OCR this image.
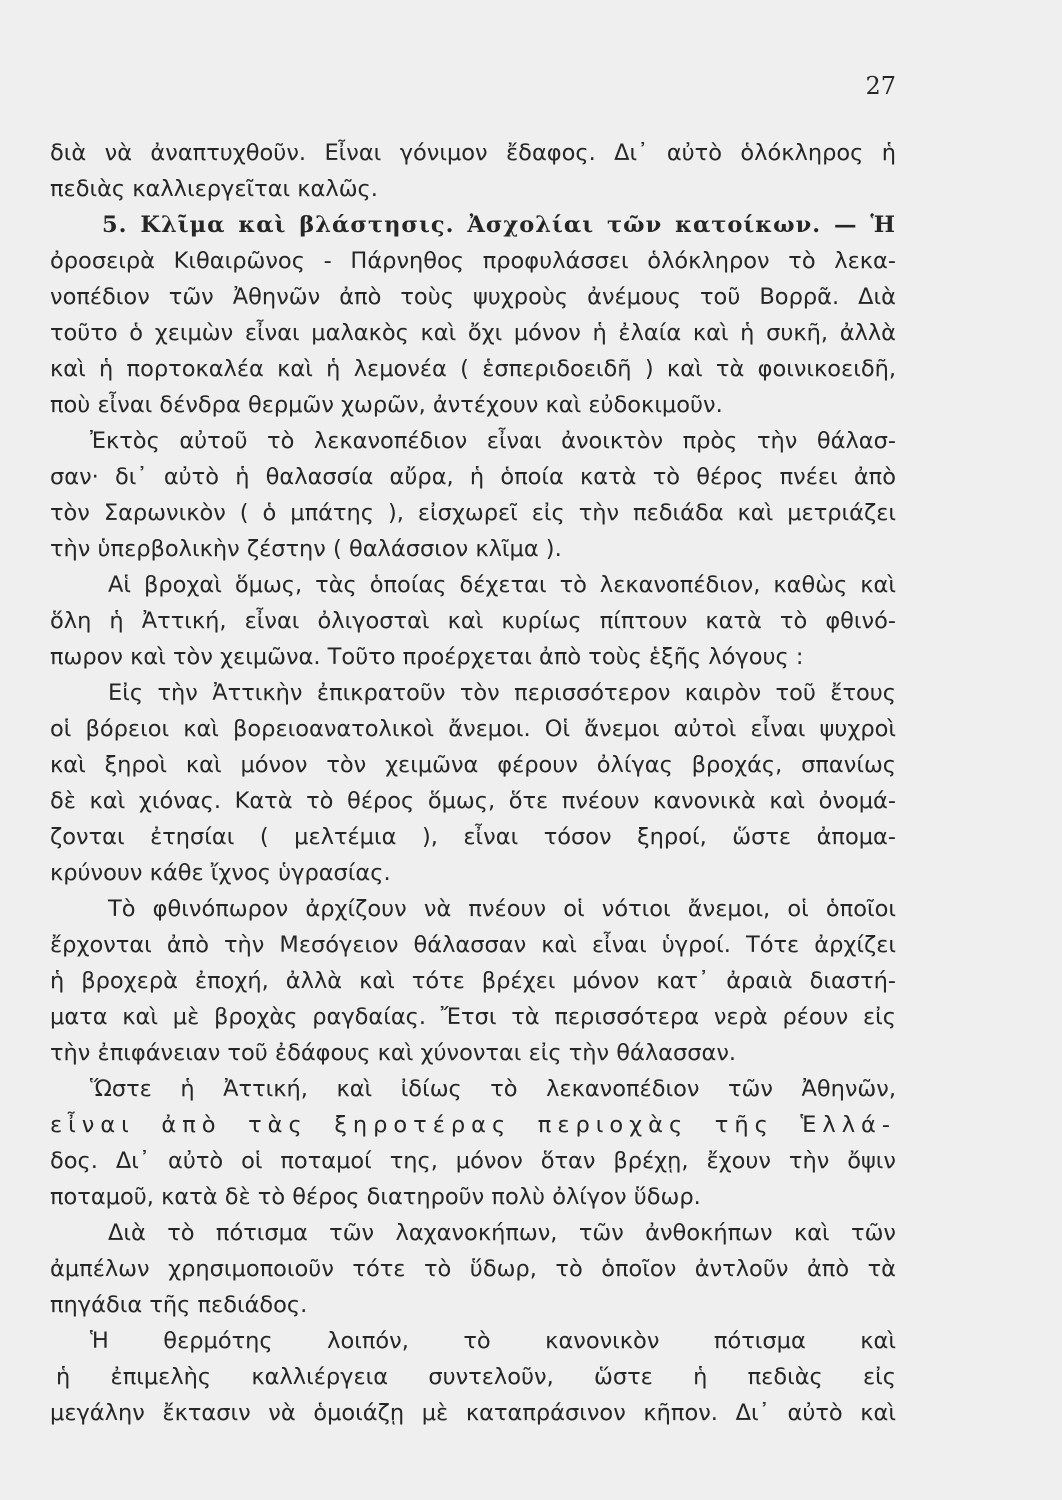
27
διὰ νὰ ἀναπτυχθοῦν. Εἶναι γόνιμον ἔδαφος. Δι᾽ αὐτὸ ὁλόκληρος ἡ
πεδιὰς καλλιεργεῖται καλῶς.
5. Κλῖμα καὶ βλάστησις. Ἀσχολίαι τῶν κατοίκων. — Ἡ
ὀροσειρὰ Κιθαιρῶνος - Πάρνηθος προφυλάσσει ὁλόκληρον τὸ λεκα-
νοπέδιον τῶν Ἀθηνῶν ἀπὸ τοὺς ψυχροὺς ἀνέμους τοῦ Βορρᾶ. Διὰ
τοῦτο ὁ χειμὼν εἶναι μαλακὸς καὶ ὄχι μόνον ἡ ἐλαία καὶ ἡ συκῆ, ἀλλὰ
καὶ ἡ πορτοκαλέα καὶ ἡ λεμονέα ( ἑσπεριδοειδῆ ) καὶ τὰ φοινικοειδῆ,
ποὺ εἶναι δένδρα θερμῶν χωρῶν, ἀντέχουν καὶ εὐδοκιμοῦν.
Ἐκτὸς αὐτοῦ τὸ λεκανοπέδιον εἶναι ἀνοικτὸν πρὸς τὴν θάλασ-
σαν· δι᾽ αὐτὸ ἡ θαλασσία αὔρα, ἡ ὁποία κατὰ τὸ θέρος πνέει ἀπὸ
τὸν Σαρωνικὸν ( ὁ μπάτης ), εἰσχωρεῖ εἰς τὴν πεδιάδα καὶ μετριάζει
τὴν ὑπερβολικὴν ζέστην ( θαλάσσιον κλῖμα ).
Αἱ βροχαὶ ὅμως, τὰς ὁποίας δέχεται τὸ λεκανοπέδιον, καθὼς καὶ
ὅλη ἡ Ἀττική, εἶναι ὀλιγοσταὶ καὶ κυρίως πίπτουν κατὰ τὸ φθινό-
πωρον καὶ τὸν χειμῶνα. Τοῦτο προέρχεται ἀπὸ τοὺς ἑξῆς λόγους :
Εἰς τὴν Ἀττικὴν ἐπικρατοῦν τὸν περισσότερον καιρὸν τοῦ ἔτους
οἱ βόρειοι καὶ βορειοανατολικοὶ ἄνεμοι. Οἱ ἄνεμοι αὐτοὶ εἶναι ψυχροὶ
καὶ ξηροὶ καὶ μόνον τὸν χειμῶνα φέρουν ὀλίγας βροχάς, σπανίως
δὲ καὶ χιόνας. Κατὰ τὸ θέρος ὅμως, ὅτε πνέουν κανονικὰ καὶ ὀνομά-
ζονται ἐτησίαι ( μελτέμια ), εἶναι τόσον ξηροί, ὥστε ἀπομα-
κρύνουν κάθε ἴχνος ὑγρασίας.
Τὸ φθινόπωρον ἀρχίζουν νὰ πνέουν οἱ νότιοι ἄνεμοι, οἱ ὁποῖοι
ἔρχονται ἀπὸ τὴν Μεσόγειον θάλασσαν καὶ εἶναι ὑγροί. Τότε ἀρχίζει
ἡ βροχερὰ ἐποχή, ἀλλὰ καὶ τότε βρέχει μόνον κατ᾽ ἀραιὰ διαστή-
ματα καὶ μὲ βροχὰς ραγδαίας. Ἔτσι τὰ περισσότερα νερὰ ρέουν εἰς
τὴν ἐπιφάνειαν τοῦ ἐδάφους καὶ χύνονται εἰς τὴν θάλασσαν.
Ὥστε ἡ Ἀττική, καὶ ἰδίως τὸ λεκανοπέδιον τῶν Ἀθηνῶν,
εἶναι ἀπὸ τὰς ξηροτέρας περιοχὰς τῆς Ἑλλά-
δος. Δι᾽ αὐτὸ οἱ ποταμοί της, μόνον ὅταν βρέχῃ, ἔχουν τὴν ὄψιν
ποταμοῦ, κατὰ δὲ τὸ θέρος διατηροῦν πολὺ ὀλίγον ὕδωρ.
Διὰ τὸ πότισμα τῶν λαχανοκήπων, τῶν ἀνθοκήπων καὶ τῶν
ἀμπέλων χρησιμοποιοῦν τότε τὸ ὕδωρ, τὸ ὁποῖον ἀντλοῦν ἀπὸ τὰ
πηγάδια τῆς πεδιάδος.
Ἡ θερμότης λοιπόν, τὸ κανονικὸν πότισμα καὶ
ἡ ἐπιμελὴς καλλιέργεια συντελοῦν, ὥστε ἡ πεδιὰς εἰς
μεγάλην ἔκτασιν νὰ ὁμοιάζῃ μὲ καταπράσινον κῆπον. Δι᾽ αὐτὸ καὶ
